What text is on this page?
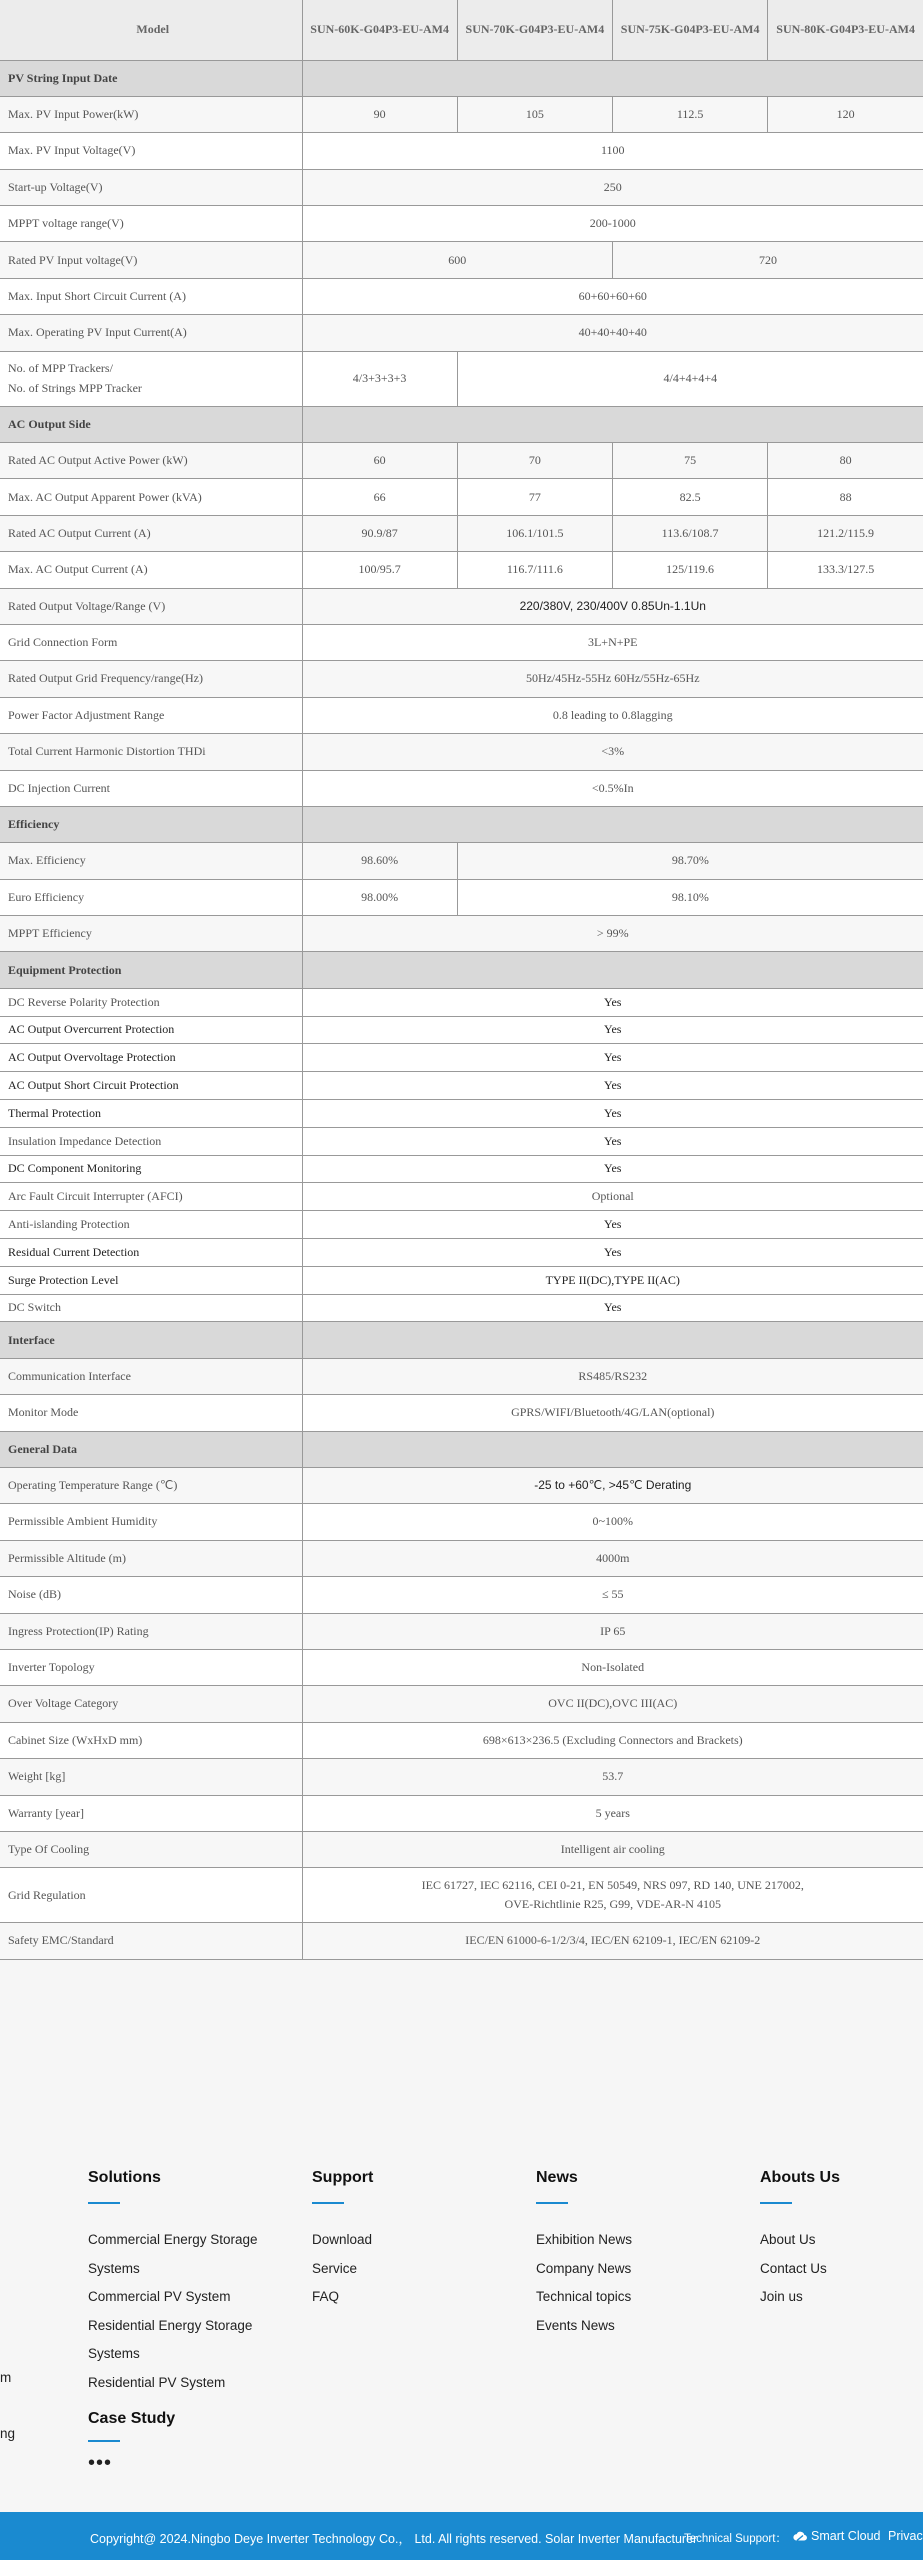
Model	SUN-60K-G04P3-EU-AM4	SUN-70K-G04P3-EU-AM4	SUN-75K-G04P3-EU-AM4	SUN-80K-G04P3-EU-AM4
PV String Input Date				
Max. PV Input Power(kW)	90	105	112.5	120
Max. PV Input Voltage(V)	1100			
Start-up Voltage(V)	250			
MPPT voltage range(V)	200-1000			
Rated PV Input voltage(V)	600		720	
Max. Input Short Circuit Current (A)	60+60+60+60			
Max. Operating PV Input Current(A)	40+40+40+40			
No. of MPP Trackers/
No. of Strings MPP Tracker	4/3+3+3+3	4/4+4+4+4		
AC Output Side				
Rated AC Output Active Power (kW)	60	70	75	80
Max. AC Output Apparent Power (kVA)	66	77	82.5	88
Rated AC Output Current (A)	90.9/87	106.1/101.5	113.6/108.7	121.2/115.9
Max. AC Output Current (A)	100/95.7	116.7/111.6	125/119.6	133.3/127.5
Rated Output Voltage/Range (V)	220/380V, 230/400V 0.85Un-1.1Un			
Grid Connection Form	3L+N+PE			
Rated Output Grid Frequency/range(Hz)	50Hz/45Hz-55Hz 60Hz/55Hz-65Hz			
Power Factor Adjustment Range	0.8 leading to 0.8lagging			
Total Current Harmonic Distortion THDi	<3%			
DC Injection Current	<0.5%In			
Efficiency				
Max. Efficiency	98.60%	98.70%		
Euro Efficiency	98.00%	98.10%		
MPPT Efficiency	> 99%			
Equipment Protection				
DC Reverse Polarity Protection	Yes			
AC Output Overcurrent Protection	Yes			
AC Output Overvoltage Protection	Yes			
AC Output Short Circuit Protection	Yes			
Thermal Protection	Yes			
Insulation Impedance Detection	Yes			
DC Component Monitoring	Yes			
Arc Fault Circuit Interrupter (AFCI)	Optional			
Anti-islanding Protection	Yes			
Residual Current Detection	Yes			
Surge Protection Level	TYPE II(DC),TYPE II(AC)			
DC Switch	Yes			
Interface				
Communication Interface	RS485/RS232			
Monitor Mode	GPRS/WIFI/Bluetooth/4G/LAN(optional)			
General Data				
Operating Temperature Range (℃)	-25 to +60℃, >45℃ Derating			
Permissible Ambient Humidity	0~100%			
Permissible Altitude (m)	4000m			
Noise (dB)	≤ 55			
Ingress Protection(IP) Rating	IP 65			
Inverter Topology	Non-Isolated			
Over Voltage Category	OVC II(DC),OVC III(AC)			
Cabinet Size (WxHxD mm)	698×613×236.5 (Excluding Connectors and Brackets)			
Weight [kg]	53.7			
Warranty [year]	5 years			
Type Of Cooling	Intelligent air cooling			
Grid Regulation	IEC 61727, IEC 62116, CEI 0-21, EN 50549, NRS 097, RD 140, UNE 217002,
OVE-Richtlinie R25, G99, VDE-AR-N 4105			
Safety EMC/Standard	IEC/EN 61000-6-1/2/3/4, IEC/EN 62109-1, IEC/EN 62109-2			
m
ng
Solutions
Commercial Energy Storage
Systems
Commercial PV System
Residential Energy Storage
Systems
Residential PV System
Support
Download
Service
FAQ
News
Exhibition News
Company News
Technical topics
Events News
Abouts Us
About Us
Contact Us
Join us
Case Study
•••
Copyright@ 2024.Ningbo Deye Inverter Technology Co.， Ltd. All rights reserved. Solar Inverter Manufacturer
Technical Support：	Smart Cloud Privac
